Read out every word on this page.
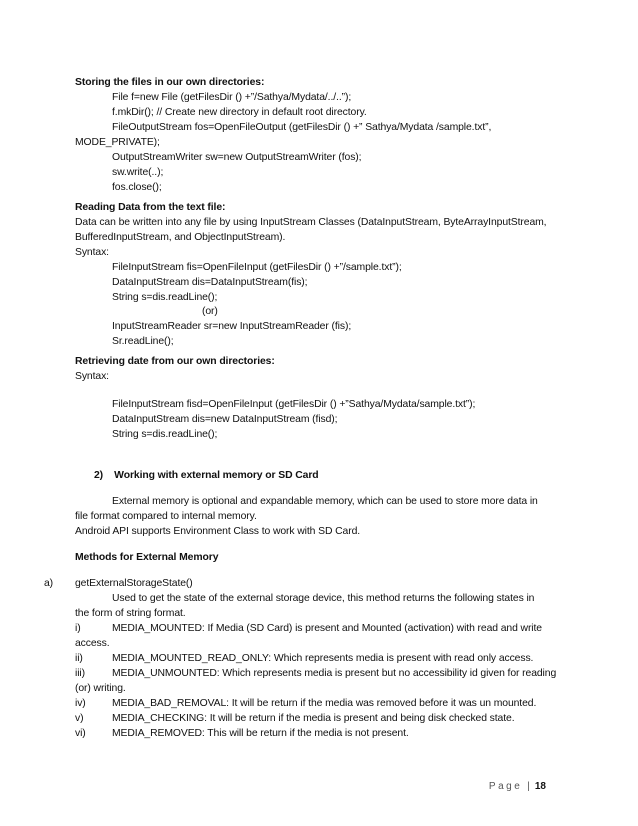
Storing the files in our own directories:
File f=new File (getFilesDir () +”/Sathya/Mydata/../..”);
f.mkDir(); // Create new directory in default root directory.
FileOutputStream fos=OpenFileOutput (getFilesDir () +” Sathya/Mydata /sample.txt”,
MODE_PRIVATE);
OutputStreamWriter sw=new OutputStreamWriter (fos);
sw.write(..);
fos.close();
Reading Data from the text file:
Data can be written into any file by using InputStream Classes (DataInputStream, ByteArrayInputStream,
BufferedInputStream, and ObjectInputStream).
Syntax:
FileInputStream fis=OpenFileInput (getFilesDir () +”/sample.txt”);
DataInputStream dis=DataInputStream(fis);
String s=dis.readLine();
(or)
InputStreamReader sr=new InputStreamReader (fis);
Sr.readLine();
Retrieving date from our own directories:
Syntax:
FileInputStream fisd=OpenFileInput (getFilesDir () +”Sathya/Mydata/sample.txt”);
DataInputStream dis=new DataInputStream (fisd);
String s=dis.readLine();
2)    Working with external memory or SD Card
External memory is optional and expandable memory, which can be used to store more data in
file format compared to internal memory.
Android API supports Environment Class to work with SD Card.
Methods for External Memory
a) getExternalStorageState()
Used to get the state of the external storage device, this method returns the following states in
the form of string format.
i)	MEDIA_MOUNTED: If Media (SD Card) is present and Mounted (activation) with read and write
access.
ii)	MEDIA_MOUNTED_READ_ONLY: Which represents media is present with read only access.
iii)	MEDIA_UNMOUNTED: Which represents media is present but no accessibility id given for reading
(or) writing.
iv)	MEDIA_BAD_REMOVAL: It will be return if the media was removed before it was un mounted.
v)	MEDIA_CHECKING: It will be return if the media is present and being disk checked state.
vi)	MEDIA_REMOVED: This will be return if the media is not present.
Page | 18
